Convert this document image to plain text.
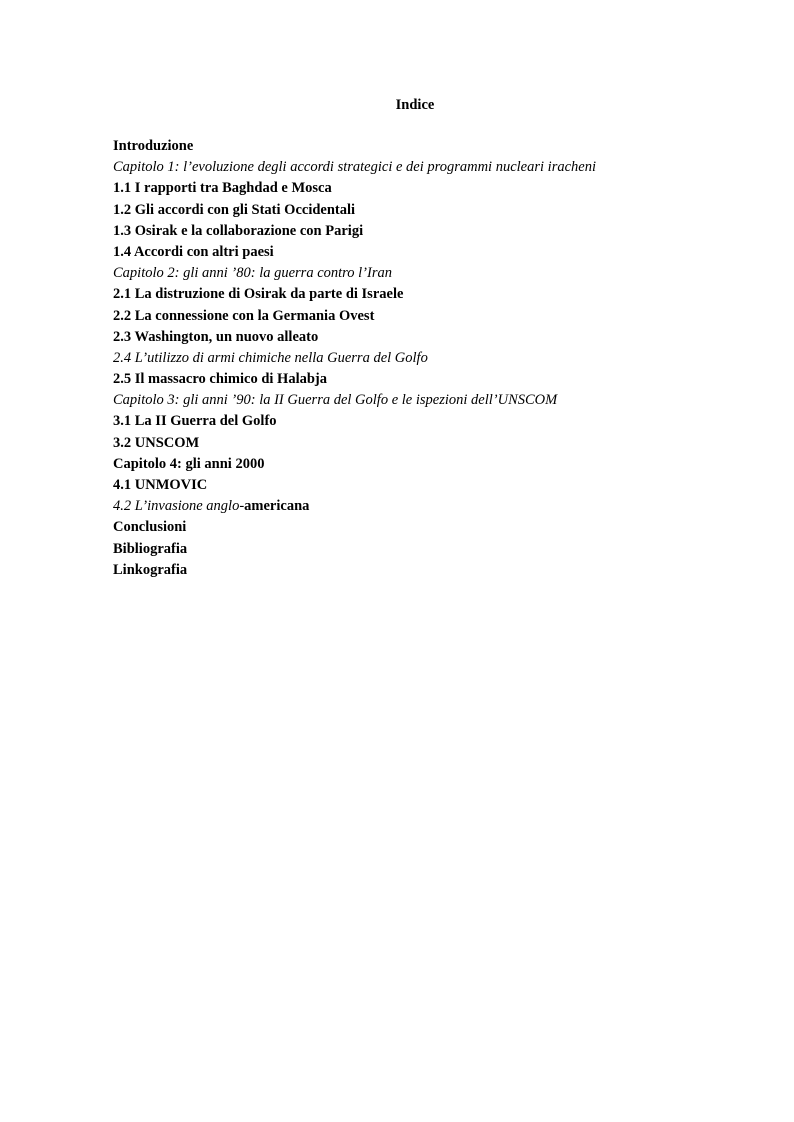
Indice
Introduzione
Capitolo 1: l’evoluzione degli accordi strategici e dei programmi nucleari iracheni
1.1 I rapporti tra Baghdad e Mosca
1.2 Gli accordi con gli Stati Occidentali
1.3 Osirak e la collaborazione con Parigi
1.4 Accordi con altri paesi
Capitolo 2: gli anni ’80: la guerra contro l’Iran
2.1 La distruzione di Osirak da parte di Israele
2.2 La connessione con la Germania Ovest
2.3 Washington, un nuovo alleato
2.4 L’utilizzo di armi chimiche nella Guerra del Golfo
2.5 Il massacro chimico di Halabja
Capitolo 3: gli anni ’90: la II Guerra del Golfo e le ispezioni dell’UNSCOM
3.1 La II Guerra del Golfo
3.2 UNSCOM
Capitolo 4: gli anni 2000
4.1 UNMOVIC
4.2 L’invasione anglo-americana
Conclusioni
Bibliografia
Linkografia
